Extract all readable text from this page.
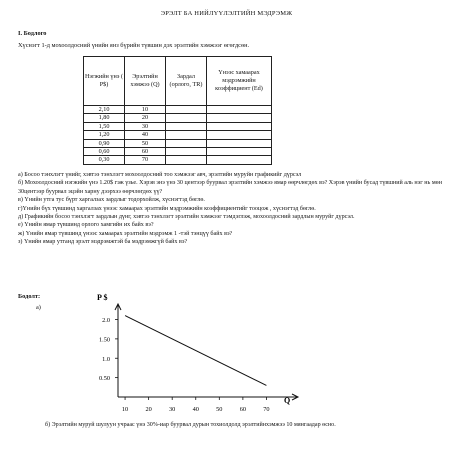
ЭРЭЛТ БА НИЙЛҮҮЛЭЛТИЙН МЭДРЭМЖ
I. Бодлого
Хүснэгт 1-д мохоолдосний үнийн янз бүрийн түвшин дэх эрэлтийн хэмжээг өгөгдсөн.
Нэгжийн үнэ ( P$)	Эрэлтийн хэмжээ (Q)	Зардал (орлого, TR)	Үнээс хамаарах мэдрэмжийн коэффициент (Ed)
2,10	10		
1,80	20		
1,50	30		
1,20	40		
0,90	50		
0,60	60		
0,30	70		

а) Босоо тэнхлэгт үнийг, хэвтээ тэнхлэгт мохоолдосний тоо хэмжээг авч, эрэлтийн муруйн графикийг дүрсэл

б) Мохоолдосний нэгжийн үнэ 1.20$ гэж үзье. Хэрэв энэ үнэ 30 центээр буурвал эрэлтийн хэмжээ ямар өөрчлөгдөх вэ? Хэрэв үнийн бусад түвшний аль нэг нь мөн 30центээр буурвал эцэйн харну дээрхээ өөрчлөгдөх үү?

в) Үнийн утга тус бүрт харгалзах зардлыг тодорхойлж, хүснэгтэд бөглө.

г)Үнийн бүх түвшинд харгалзах үнээс хамаарах эрэлтийн мэдрэмжийн коэффициентийг тооцож , хүснэгтэд бөглө.

д) Графикийн босоо тэнхлэгт зардлын дүнг, хэвтээ тэнхлэгт эрэлтийн хэмжээг тэмдэглэж, мохоолдосний зардлын муруйг дүрсэл.

е) Үнийн ямар түвшинд орлого хамгийн их байх вэ?

ж) Үнийн ямар түвшинд үнээс хамаарах эрэлтийн мэдрэмж 1 -тэй тэнцүү байх вэ?

з) Үнийн ямар утганд эрэлт мэдрэмжтэй ба мэдрэмжгүй байх вэ?

Бодолт:
а)
P $
Q
2.0
1.50
1.0
0.50
10	20	30	40	50	60	70
б) Эрэлтийн муруй шулуун учраас үнэ 30%-иар буурвал дурын тохиолдолд эрэлтийнхэмжээ 10 мянгаадар өсно.
